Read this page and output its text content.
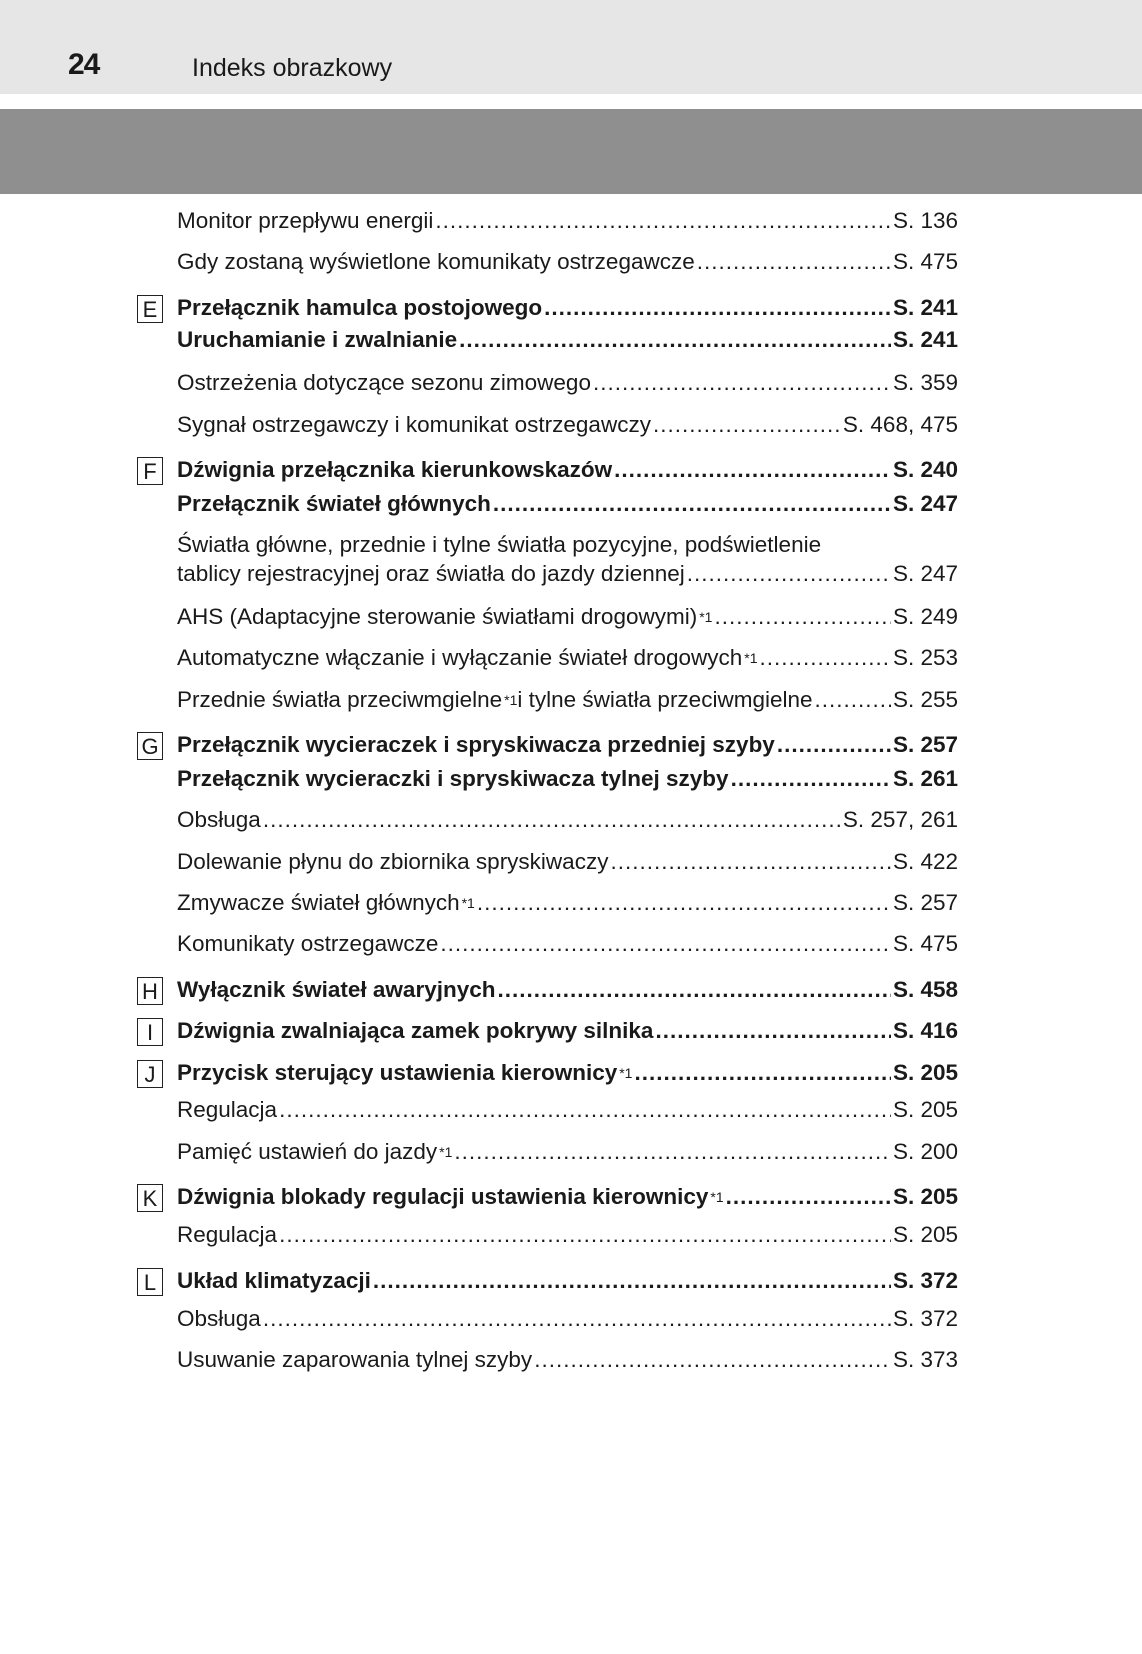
24	Indeks obrazkowy
Monitor przepływu energii .....	S. 136
Gdy zostaną wyświetlone komunikaty ostrzegawcze .....	S. 475
E Przełącznik hamulca postojowego .....	S. 241
Uruchamianie i zwalnianie .....	S. 241
Ostrzeżenia dotyczące sezonu zimowego .....	S. 359
Sygnał ostrzegawczy i komunikat ostrzegawczy .....	S. 468, 475
F Dźwignia przełącznika kierunkowskazów .....	S. 240
Przełącznik świateł głównych .....	S. 247
Światła główne, przednie i tylne światła pozycyjne, podświetlenie
tablicy rejestracyjnej oraz światła do jazdy dziennej .....	S. 247
AHS (Adaptacyjne sterowanie światłami drogowymi)$^{*1}$ .....	S. 249
Automatyczne włączanie i wyłączanie świateł drogowych$^{*1}$ .....	S. 253
Przednie światła przeciwmgielne$^{*1}$ i tylne światła przeciwmgielne .....	S. 255
G Przełącznik wycieraczek i spryskiwacza przedniej szyby .....	S. 257
Przełącznik wycieraczki i spryskiwacza tylnej szyby .....	S. 261
Obsługa .....	S. 257, 261
Dolewanie płynu do zbiornika spryskiwaczy .....	S. 422
Zmywacze świateł głównych$^{*1}$ .....	S. 257
Komunikaty ostrzegawcze .....	S. 475
H Wyłącznik świateł awaryjnych .....	S. 458
I	Dźwignia zwalniająca zamek pokrywy silnika .....	S. 416
J Przycisk sterujący ustawienia kierownicy$^{*1}$ .....	S. 205
Regulacja .....	S. 205
Pamięć ustawień do jazdy$^{*1}$ .....	S. 200
K Dźwignia blokady regulacji ustawienia kierownicy$^{*1}$ .....	S. 205
Regulacja .....	S. 205
L Układ klimatyzacji .....	S. 372
Obsługa .....	S. 372
Usuwanie zaparowania tylnej szyby .....	S. 373
